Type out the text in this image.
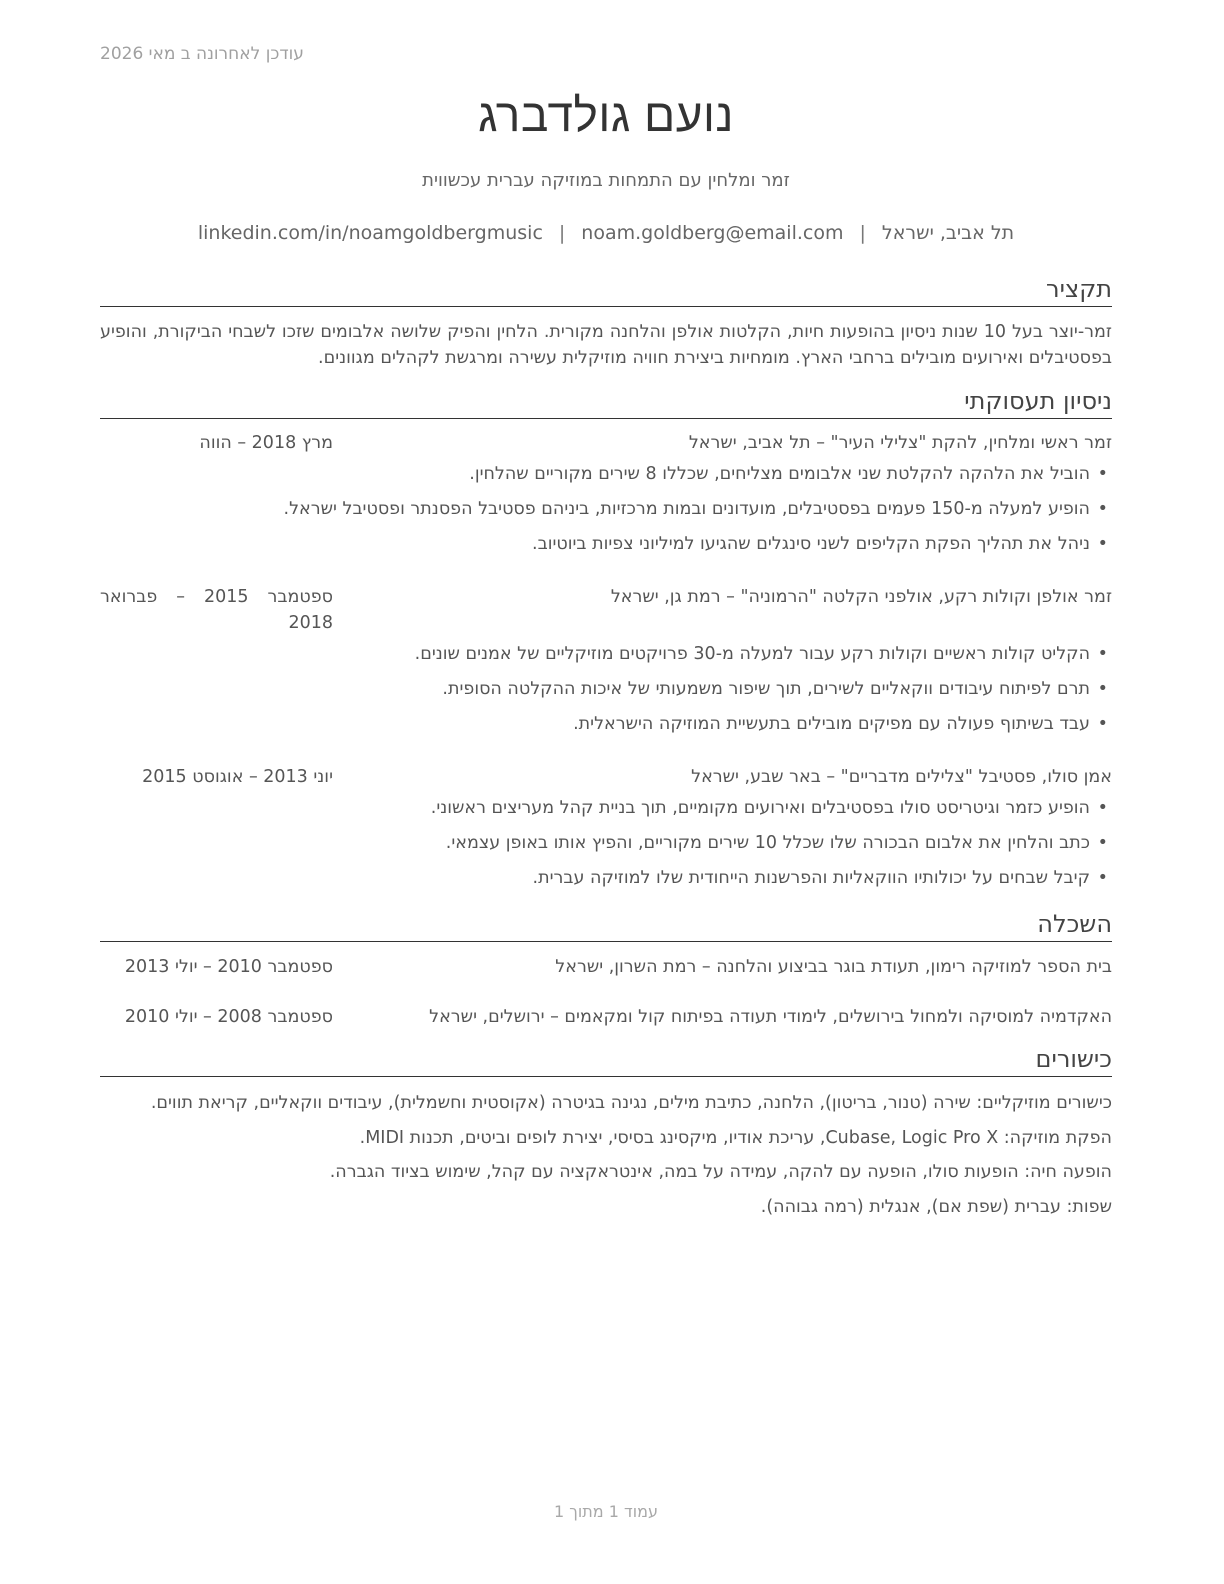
עודכן לאחרונה ב מאי 2026
נועם גולדברג
זמר ומלחין עם התמחות במוזיקה עברית עכשווית
תל אביב, ישראל|noam.goldberg@email.com|linkedin.com/in/noamgoldbergmusic
תקציר
זמר-יוצר בעל 10 שנות ניסיון בהופעות חיות, הקלטות אולפן והלחנה מקורית. הלחין והפיק שלושה אלבומים שזכו לשבחי הביקורת, והופיע בפסטיבלים ואירועים מובילים ברחבי הארץ. מומחיות ביצירת חוויה מוזיקלית עשירה ומרגשת לקהלים מגוונים.
ניסיון תעסוקתי
זמר ראשי ומלחין, להקת "צלילי העיר" – תל אביב, ישראל
מרץ 2018 – הווה
•
הוביל את הלהקה להקלטת שני אלבומים מצליחים, שכללו 8 שירים מקוריים שהלחין.
•
הופיע למעלה מ-150 פעמים בפסטיבלים, מועדונים ובמות מרכזיות, ביניהם פסטיבל הפסנתר ופסטיבל ישראל.
•
ניהל את תהליך הפקת הקליפים לשני סינגלים שהגיעו למיליוני צפיות ביוטיוב.
זמר אולפן וקולות רקע, אולפני הקלטה "הרמוניה" – רמת גן, ישראל
ספטמבר 2015 – פברואר 2018
•
הקליט קולות ראשיים וקולות רקע עבור למעלה מ-30 פרויקטים מוזיקליים של אמנים שונים.
•
תרם לפיתוח עיבודים ווקאליים לשירים, תוך שיפור משמעותי של איכות ההקלטה הסופית.
•
עבד בשיתוף פעולה עם מפיקים מובילים בתעשיית המוזיקה הישראלית.
אמן סולו, פסטיבל "צלילים מדבריים" – באר שבע, ישראל
יוני 2013 – אוגוסט 2015
•
הופיע כזמר וגיטריסט סולו בפסטיבלים ואירועים מקומיים, תוך בניית קהל מעריצים ראשוני.
•
כתב והלחין את אלבום הבכורה שלו שכלל 10 שירים מקוריים, והפיץ אותו באופן עצמאי.
•
קיבל שבחים על יכולותיו הווקאליות והפרשנות הייחודית שלו למוזיקה עברית.
השכלה
בית הספר למוזיקה רימון, תעודת בוגר בביצוע והלחנה – רמת השרון, ישראל
ספטמבר 2010 – יולי 2013
האקדמיה למוסיקה ולמחול בירושלים, לימודי תעודה בפיתוח קול ומקאמים – ירושלים, ישראל
ספטמבר 2008 – יולי 2010
כישורים
כישורים מוזיקליים: שירה (טנור, בריטון), הלחנה, כתיבת מילים, נגינה בגיטרה (אקוסטית וחשמלית), עיבודים ווקאליים, קריאת תווים.
הפקת מוזיקה: Cubase, Logic Pro X, עריכת אודיו, מיקסינג בסיסי, יצירת לופים וביטים, תכנות MIDI.
הופעה חיה: הופעות סולו, הופעה עם להקה, עמידה על במה, אינטראקציה עם קהל, שימוש בציוד הגברה.
שפות: עברית (שפת אם), אנגלית (רמה גבוהה).
עמוד 1 מתוך 1
